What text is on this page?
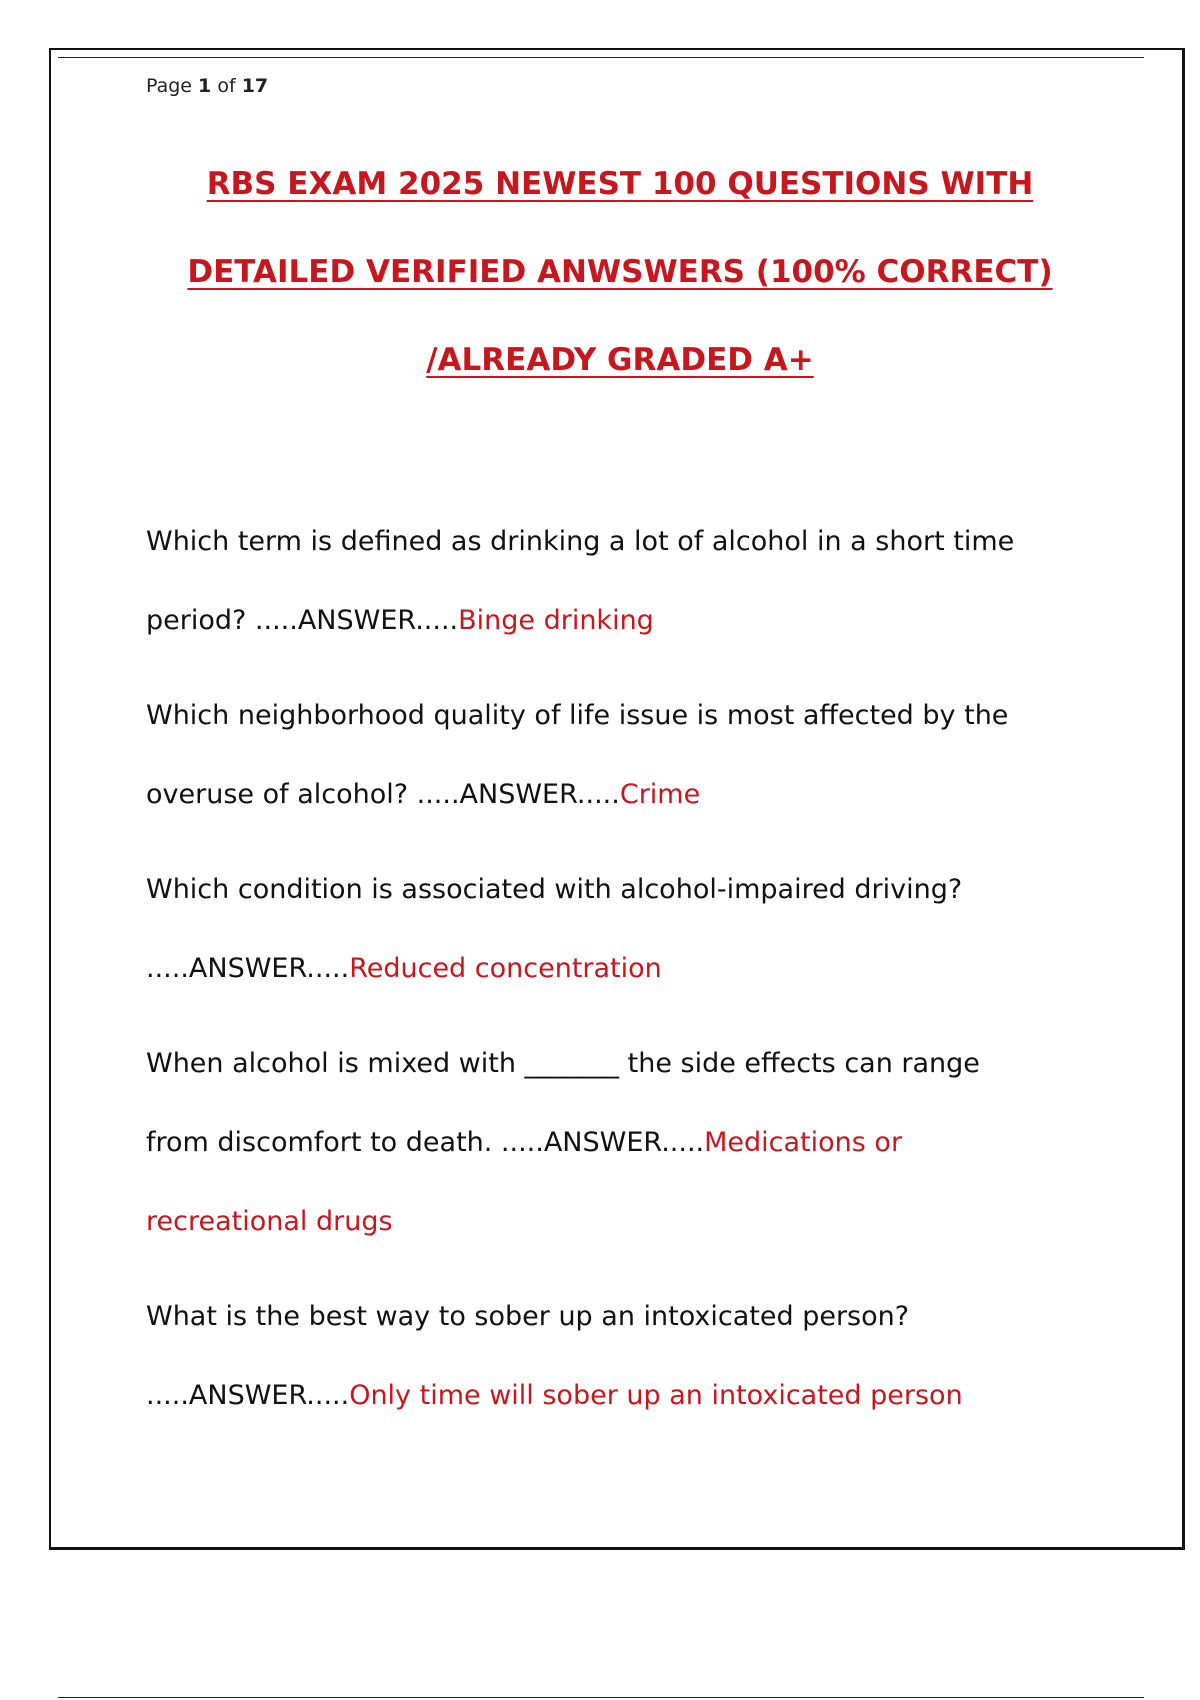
Page 1 of 17
RBS EXAM 2025 NEWEST 100 QUESTIONS WITH
DETAILED VERIFIED ANWSWERS (100% CORRECT)
/ALREADY GRADED A+
Which term is defined as drinking a lot of alcohol in a short time
period? .....ANSWER.....Binge drinking
Which neighborhood quality of life issue is most affected by the
overuse of alcohol? .....ANSWER.....Crime
Which condition is associated with alcohol-impaired driving?
.....ANSWER.....Reduced concentration
When alcohol is mixed with _______ the side effects can range
from discomfort to death. .....ANSWER.....Medications or
recreational drugs
What is the best way to sober up an intoxicated person?
.....ANSWER.....Only time will sober up an intoxicated person
